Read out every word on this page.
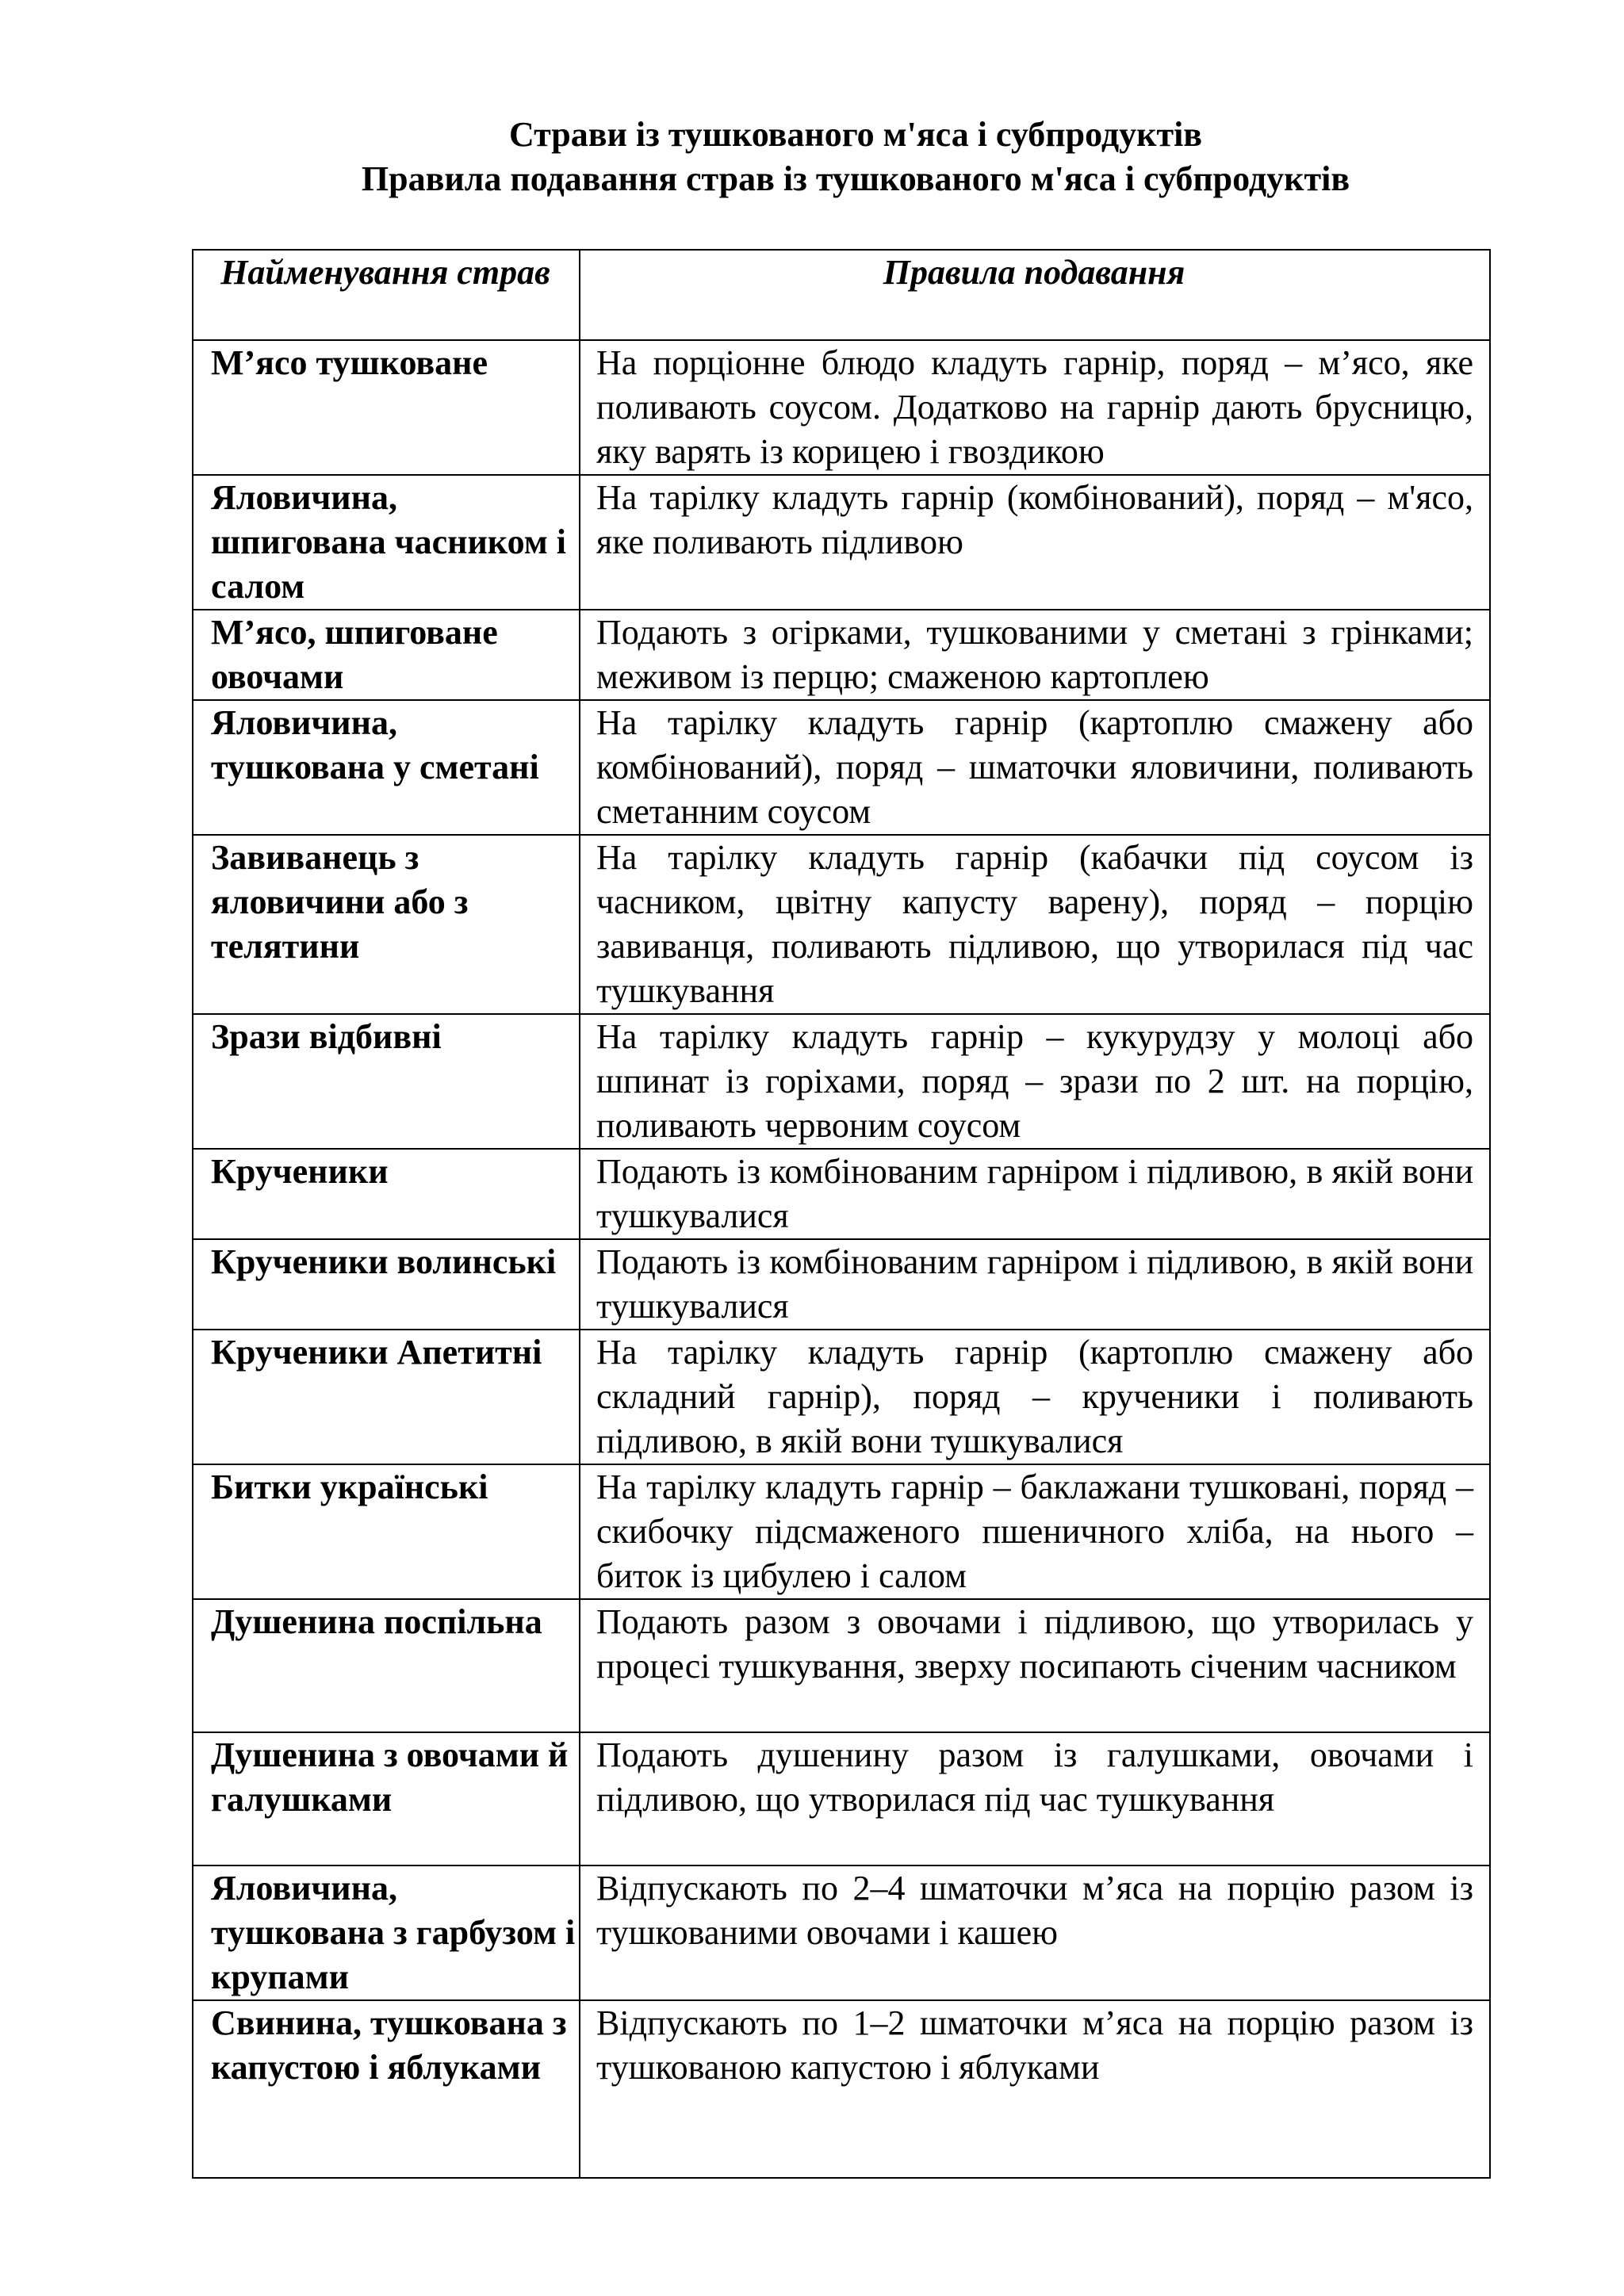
Страви із тушкованого м'яса і субпродуктів
Правила подавання страв із тушкованого м'яса і субпродуктів
Найменування страв	Правила подавання
М’ясо тушковане	На порціонне блюдо кладуть гарнір, поряд – м’ясо, яке поливають соусом. Додатково на гарнір дають брусницю, яку варять із корицею і гвоздикою
Яловичина, шпигована часником і салом	На тарілку кладуть гарнір (комбінований), поряд – м'ясо, яке поливають підливою
М’ясо, шпиговане овочами	Подають з огірками, тушкованими у сметані з грінками; меживом із перцю; смаженою картоплею
Яловичина, тушкована у сметані	На тарілку кладуть гарнір (картоплю смажену або комбінований), поряд – шматочки яловичини, поливають сметанним соусом
Завиванець з яловичини або з телятини	На тарілку кладуть гарнір (кабачки під соусом із часником, цвітну капусту варену), поряд – порцію завиванця, поливають підливою, що утворилася під час тушкування
Зрази відбивні	На тарілку кладуть гарнір – кукурудзу у молоці або шпинат із горіхами, поряд – зрази по 2 шт. на порцію, поливають червоним соусом
Крученики	Подають із комбінованим гарніром і підливою, в якій вони тушкувалися
Крученики волинські	Подають із комбінованим гарніром і підливою, в якій вони тушкувалися
Крученики Апетитні	На тарілку кладуть гарнір (картоплю смажену або складний гарнір), поряд – крученики і поливають підливою, в якій вони тушкувалися
Битки українські	На тарілку кладуть гарнір – баклажани тушковані, поряд – скибочку підсмаженого пшеничного хліба, на нього – биток із цибулею і салом
Душенина поспільна	Подають разом з овочами і підливою, що утворилась у процесі тушкування, зверху посипають січеним часником
Душенина з овочами й галушками	Подають душенину разом із галушками, овочами і підливою, що утворилася під час тушкування
Яловичина, тушкована з гарбузом і крупами	Відпускають по 2–4 шматочки м’яса на порцію разом із тушкованими овочами і кашею
Свинина, тушкована з капустою і яблуками	Відпускають по 1–2 шматочки м’яса на порцію разом із тушкованою капустою і яблуками
